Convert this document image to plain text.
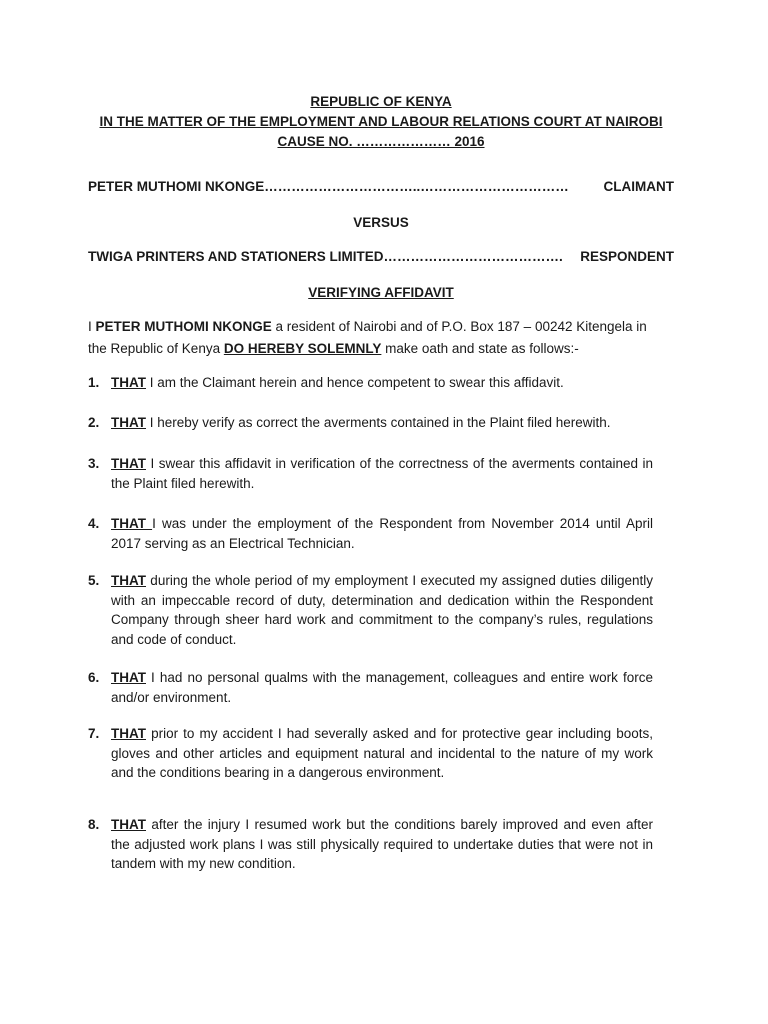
REPUBLIC OF KENYA
IN THE MATTER OF THE EMPLOYMENT AND LABOUR RELATIONS COURT AT NAIROBI
CAUSE NO. ………………… 2016
PETER MUTHOMI NKONGE ……………………………..……………………………	CLAIMANT
VERSUS
TWIGA PRINTERS AND STATIONERS LIMITED ………………………………….	RESPONDENT
VERIFYING AFFIDAVIT
I PETER MUTHOMI NKONGE a resident of Nairobi and of P.O. Box 187 – 00242 Kitengela in the Republic of Kenya DO HEREBY SOLEMNLY make oath and state as follows:-
1. THAT I am the Claimant herein and hence competent to swear this affidavit.
2. THAT I hereby verify as correct the averments contained in the Plaint filed herewith.
3. THAT I swear this affidavit in verification of the correctness of the averments contained in the Plaint filed herewith.
4. THAT I was under the employment of the Respondent from November 2014 until April 2017 serving as an Electrical Technician.
5. THAT during the whole period of my employment I executed my assigned duties diligently with an impeccable record of duty, determination and dedication within the Respondent Company through sheer hard work and commitment to the company’s rules, regulations and code of conduct.
6. THAT I had no personal qualms with the management, colleagues and entire work force and/or environment.
7. THAT prior to my accident I had severally asked and for protective gear including boots, gloves and other articles and equipment natural and incidental to the nature of my work and the conditions bearing in a dangerous environment.
8. THAT after the injury I resumed work but the conditions barely improved and even after the adjusted work plans I was still physically required to undertake duties that were not in tandem with my new condition.
